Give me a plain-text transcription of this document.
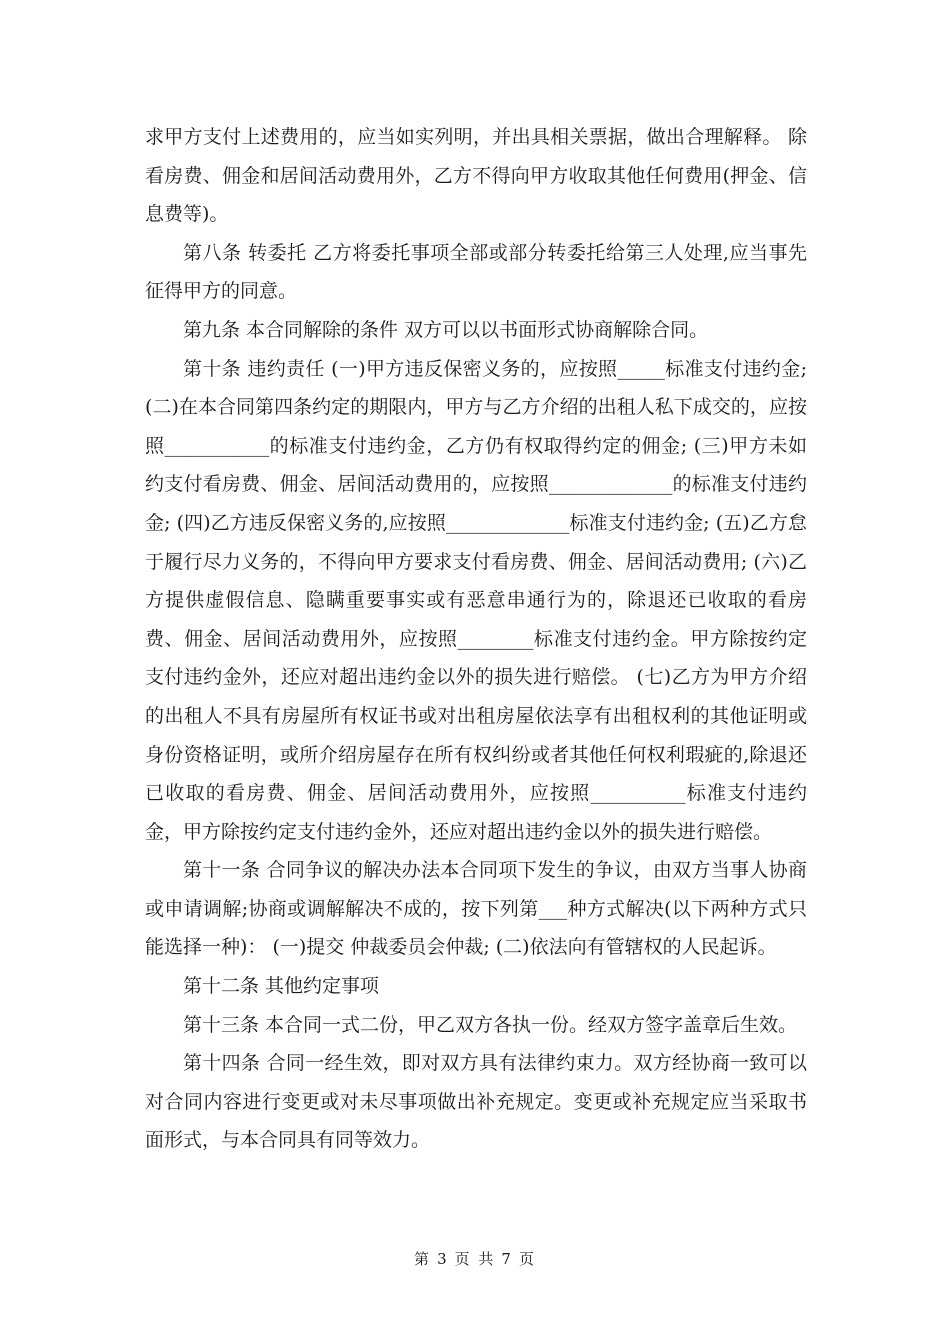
求甲方支付上述费用的，应当如实列明，并出具相关票据，做出合理解释。 除看房费、佣金和居间活动费用外，乙方不得向甲方收取其他任何费用(押金、信息费等)。

第八条 转委托 乙方将委托事项全部或部分转委托给第三人处理,应当事先征得甲方的同意。

第九条 本合同解除的条件 双方可以以书面形式协商解除合同。

第十条 违约责任 (一)甲方违反保密义务的，应按照_____标准支付违约金;(二)在本合同第四条约定的期限内，甲方与乙方介绍的出租人私下成交的，应按照___________的标准支付违约金，乙方仍有权取得约定的佣金; (三)甲方未如约支付看房费、佣金、居间活动费用的，应按照_____________的标准支付违约金; (四)乙方违反保密义务的,应按照_____________标准支付违约金; (五)乙方怠于履行尽力义务的，不得向甲方要求支付看房费、佣金、居间活动费用; (六)乙方提供虚假信息、隐瞒重要事实或有恶意串通行为的，除退还已收取的看房费、佣金、居间活动费用外，应按照________标准支付违约金。甲方除按约定支付违约金外，还应对超出违约金以外的损失进行赔偿。 (七)乙方为甲方介绍的出租人不具有房屋所有权证书或对出租房屋依法享有出租权利的其他证明或身份资格证明，或所介绍房屋存在所有权纠纷或者其他任何权利瑕疵的,除退还已收取的看房费、佣金、居间活动费用外，应按照__________标准支付违约金，甲方除按约定支付违约金外，还应对超出违约金以外的损失进行赔偿。

第十一条 合同争议的解决办法本合同项下发生的争议，由双方当事人协商或申请调解;协商或调解解决不成的，按下列第___种方式解决(以下两种方式只能选择一种)： (一)提交 仲裁委员会仲裁; (二)依法向有管辖权的人民起诉。

第十二条 其他约定事项

第十三条 本合同一式二份，甲乙双方各执一份。经双方签字盖章后生效。

第十四条 合同一经生效，即对双方具有法律约束力。双方经协商一致可以对合同内容进行变更或对未尽事项做出补充规定。变更或补充规定应当采取书面形式，与本合同具有同等效力。

第 3 页 共 7 页
